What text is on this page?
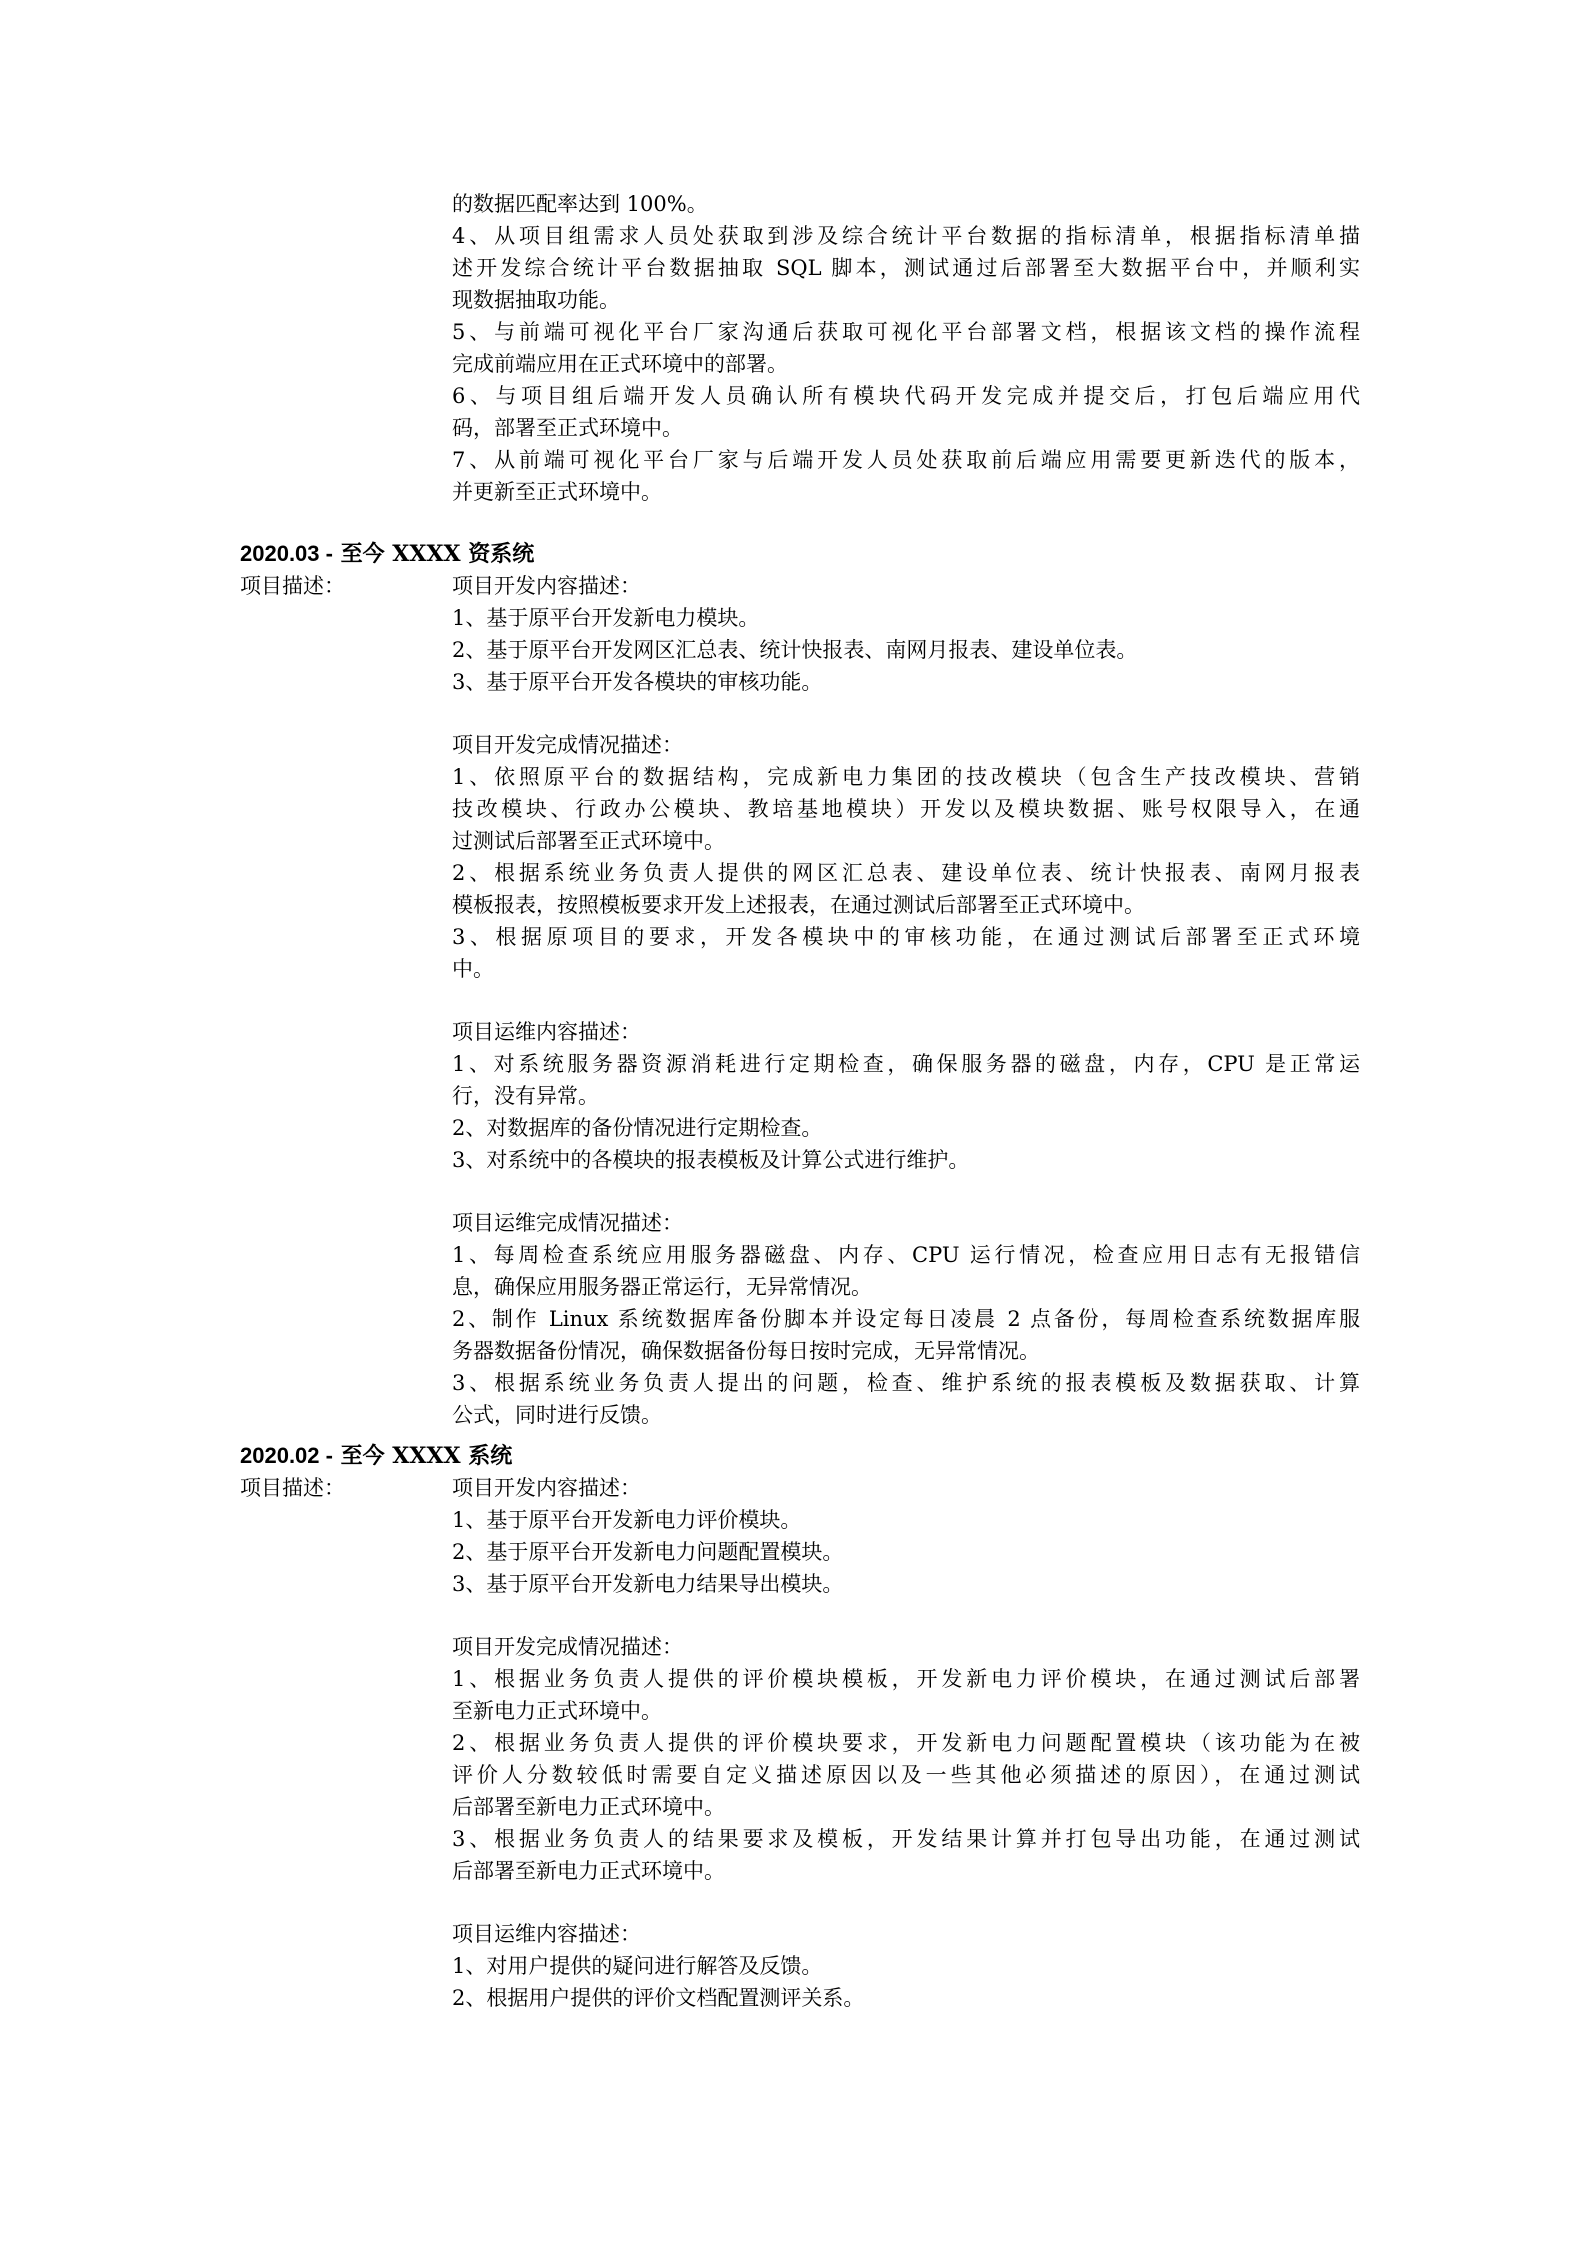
的数据匹配率达到 100%。

4、从项目组需求人员处获取到涉及综合统计平台数据的指标清单，根据指标清单描

述开发综合统计平台数据抽取 SQL 脚本，测试通过后部署至大数据平台中，并顺利实

现数据抽取功能。

5、与前端可视化平台厂家沟通后获取可视化平台部署文档，根据该文档的操作流程

完成前端应用在正式环境中的部署。

6、与项目组后端开发人员确认所有模块代码开发完成并提交后，打包后端应用代

码，部署至正式环境中。

7、从前端可视化平台厂家与后端开发人员处获取前后端应用需要更新迭代的版本，

并更新至正式环境中。

2020.03 - 至今 XXXX 资系统
项目描述：	项目开发内容描述：

1、基于原平台开发新电力模块。

2、基于原平台开发网区汇总表、统计快报表、南网月报表、建设单位表。

3、基于原平台开发各模块的审核功能。

项目开发完成情况描述：

1、依照原平台的数据结构，完成新电力集团的技改模块（包含生产技改模块、营销

技改模块、行政办公模块、教培基地模块）开发以及模块数据、账号权限导入，在通

过测试后部署至正式环境中。

2、根据系统业务负责人提供的网区汇总表、建设单位表、统计快报表、南网月报表

模板报表，按照模板要求开发上述报表，在通过测试后部署至正式环境中。

3、根据原项目的要求，开发各模块中的审核功能，在通过测试后部署至正式环境

中。

项目运维内容描述：

1、对系统服务器资源消耗进行定期检查，确保服务器的磁盘，内存，CPU 是正常运

行，没有异常。

2、对数据库的备份情况进行定期检查。

3、对系统中的各模块的报表模板及计算公式进行维护。

项目运维完成情况描述：

1、每周检查系统应用服务器磁盘、内存、CPU 运行情况，检查应用日志有无报错信

息，确保应用服务器正常运行，无异常情况。

2、制作 Linux 系统数据库备份脚本并设定每日凌晨 2 点备份，每周检查系统数据库服

务器数据备份情况，确保数据备份每日按时完成，无异常情况。

3、根据系统业务负责人提出的问题，检查、维护系统的报表模板及数据获取、计算

公式，同时进行反馈。

2020.02 - 至今 XXXX 系统
项目描述：	项目开发内容描述：

1、基于原平台开发新电力评价模块。

2、基于原平台开发新电力问题配置模块。

3、基于原平台开发新电力结果导出模块。

项目开发完成情况描述：

1、根据业务负责人提供的评价模块模板，开发新电力评价模块，在通过测试后部署

至新电力正式环境中。

2、根据业务负责人提供的评价模块要求，开发新电力问题配置模块（该功能为在被

评价人分数较低时需要自定义描述原因以及一些其他必须描述的原因），在通过测试

后部署至新电力正式环境中。

3、根据业务负责人的结果要求及模板，开发结果计算并打包导出功能，在通过测试

后部署至新电力正式环境中。

项目运维内容描述：

1、对用户提供的疑问进行解答及反馈。

2、根据用户提供的评价文档配置测评关系。
